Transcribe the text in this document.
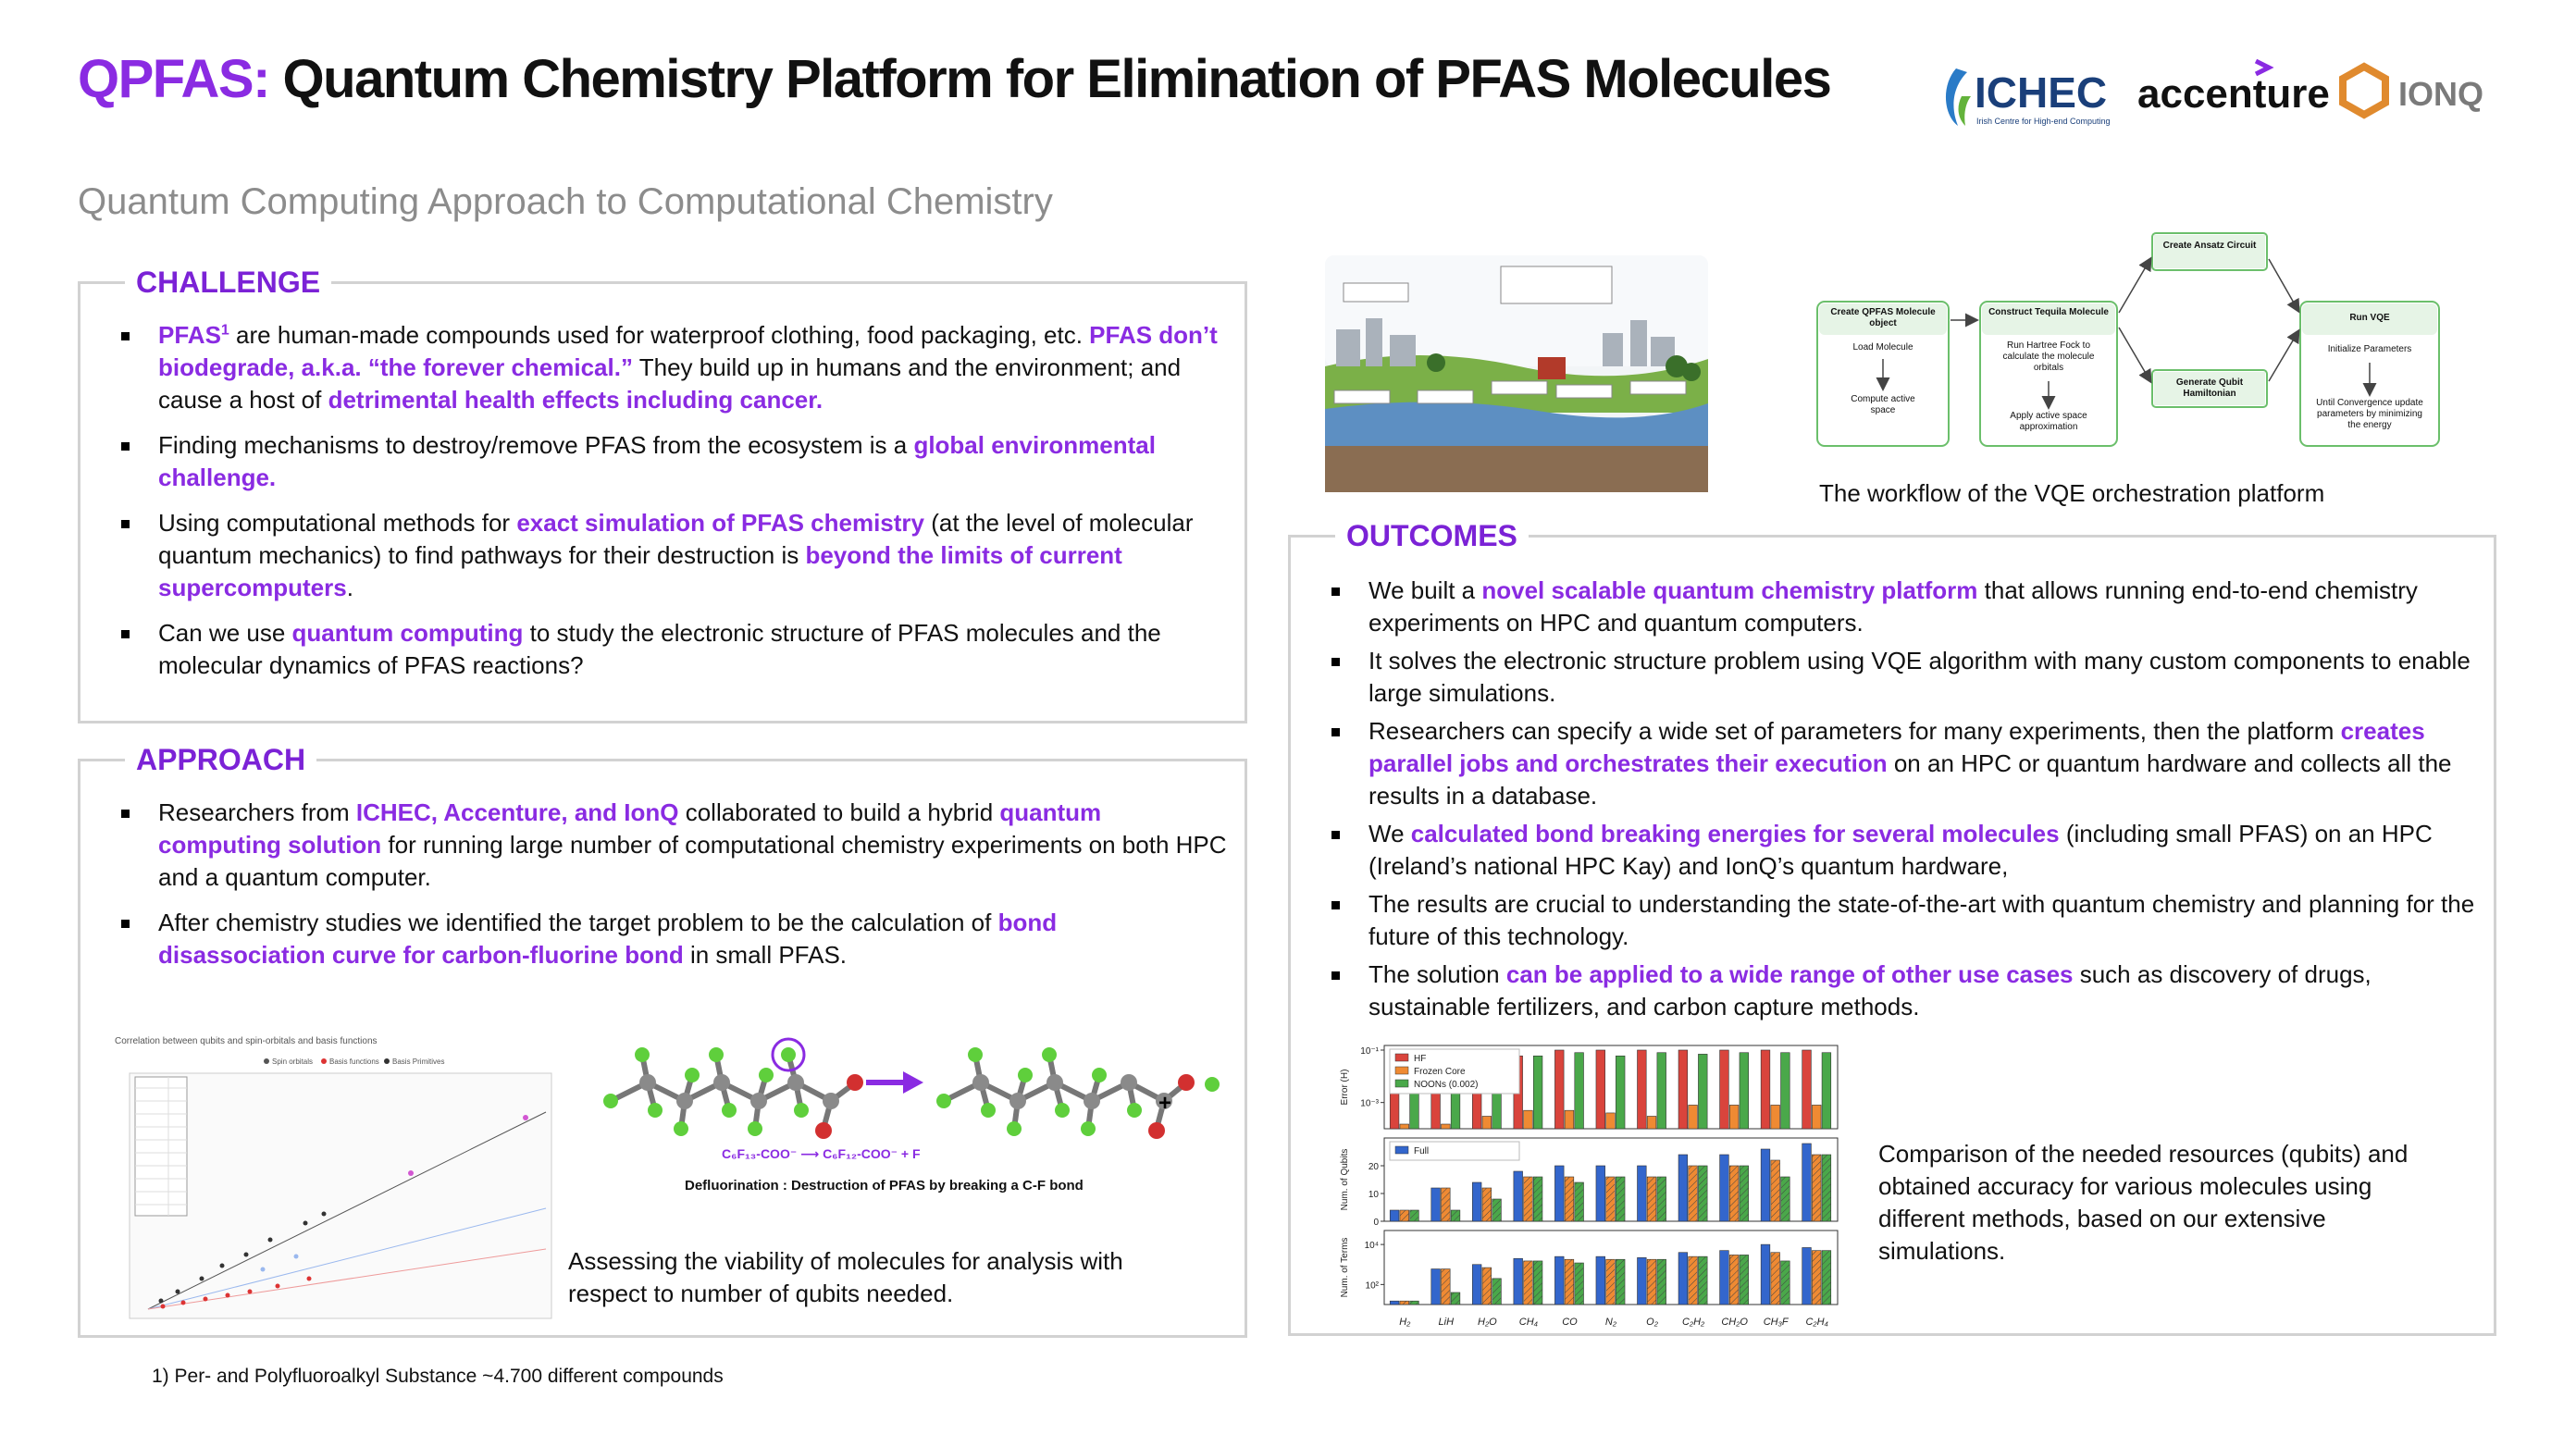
QPFAS: Quantum Chemistry Platform for Elimination of PFAS Molecules	ICHEC
Irish Centre for High-end Computing
accenture IONQ
Quantum Computing Approach to Computational Chemistry
CHALLENGE
PFAS$^1$ are human-made compounds used for waterproof clothing, food packaging, etc. PFAS don’t biodegrade, a.k.a. “the forever chemical.” They build up in humans and the environment; and cause a host of detrimental health effects including cancer.
Finding mechanisms to destroy/remove PFAS from the ecosystem is a global environmental challenge.
Using computational methods for exact simulation of PFAS chemistry (at the level of molecular quantum mechanics) to find pathways for their destruction is beyond the limits of current supercomputers.
Can we use quantum computing to study the electronic structure of PFAS molecules and the molecular dynamics of PFAS reactions?
APPROACH
Researchers from ICHEC, Accenture, and IonQ collaborated to build a hybrid quantum computing solution for running large number of computational chemistry experiments on both HPC and a quantum computer.
After chemistry studies we identified the target problem to be the calculation of bond disassociation curve for carbon-fluorine bond in small PFAS.
Correlation between qubits and spin-orbitals and basis functions
Spin orbitals Basis functions Basis Primitives
+
C₆F₁₃-COO⁻ ⟶ C₆F₁₂-COO⁻ + F
Defluorination : Destruction of PFAS by breaking a C-F bond
Assessing the viability of molecules for analysis with respect to number of qubits needed.
Create QPFAS Molecule object
Load Molecule
Compute active space
Construct Tequila Molecule
Run Hartree Fock to calculate the molecule orbitals
Apply active space approximation
Create Ansatz Circuit
Generate Qubit Hamiltonian
Run VQE
Initialize Parameters
Until Convergence update parameters by minimizing the energy
The workflow of the VQE orchestration platform
OUTCOMES
We built a novel scalable quantum chemistry platform that allows running end-to-end chemistry experiments on HPC and quantum computers.
It solves the electronic structure problem using VQE algorithm with many custom components to enable large simulations.
Researchers can specify a wide set of parameters for many experiments, then the platform creates parallel jobs and orchestrates their execution on an HPC or quantum hardware and collects all the results in a database.
We calculated bond breaking energies for several molecules (including small PFAS) on an HPC (Ireland’s national HPC Kay) and IonQ’s quantum hardware,
The results are crucial to understanding the state-of-the-art with quantum chemistry and planning for the future of this technology.
The solution can be applied to a wide range of other use cases such as discovery of drugs, sustainable fertilizers, and carbon capture methods.
Error (H)
10⁻¹
10⁻³
HF
Frozen Core
NOONs (0.002)
Num. of Qubits
0
10
20
Full
Num. of Terms 10⁴
10²
H₂	LiH H₂O CH₄ CO	N₂	O₂ C₂H₂ CH₂O CH₃F C₂H₄
Comparison of the needed resources (qubits) and obtained accuracy for various molecules using different methods, based on our extensive simulations.
1) Per- and Polyfluoroalkyl Substance ~4.700 different compounds
